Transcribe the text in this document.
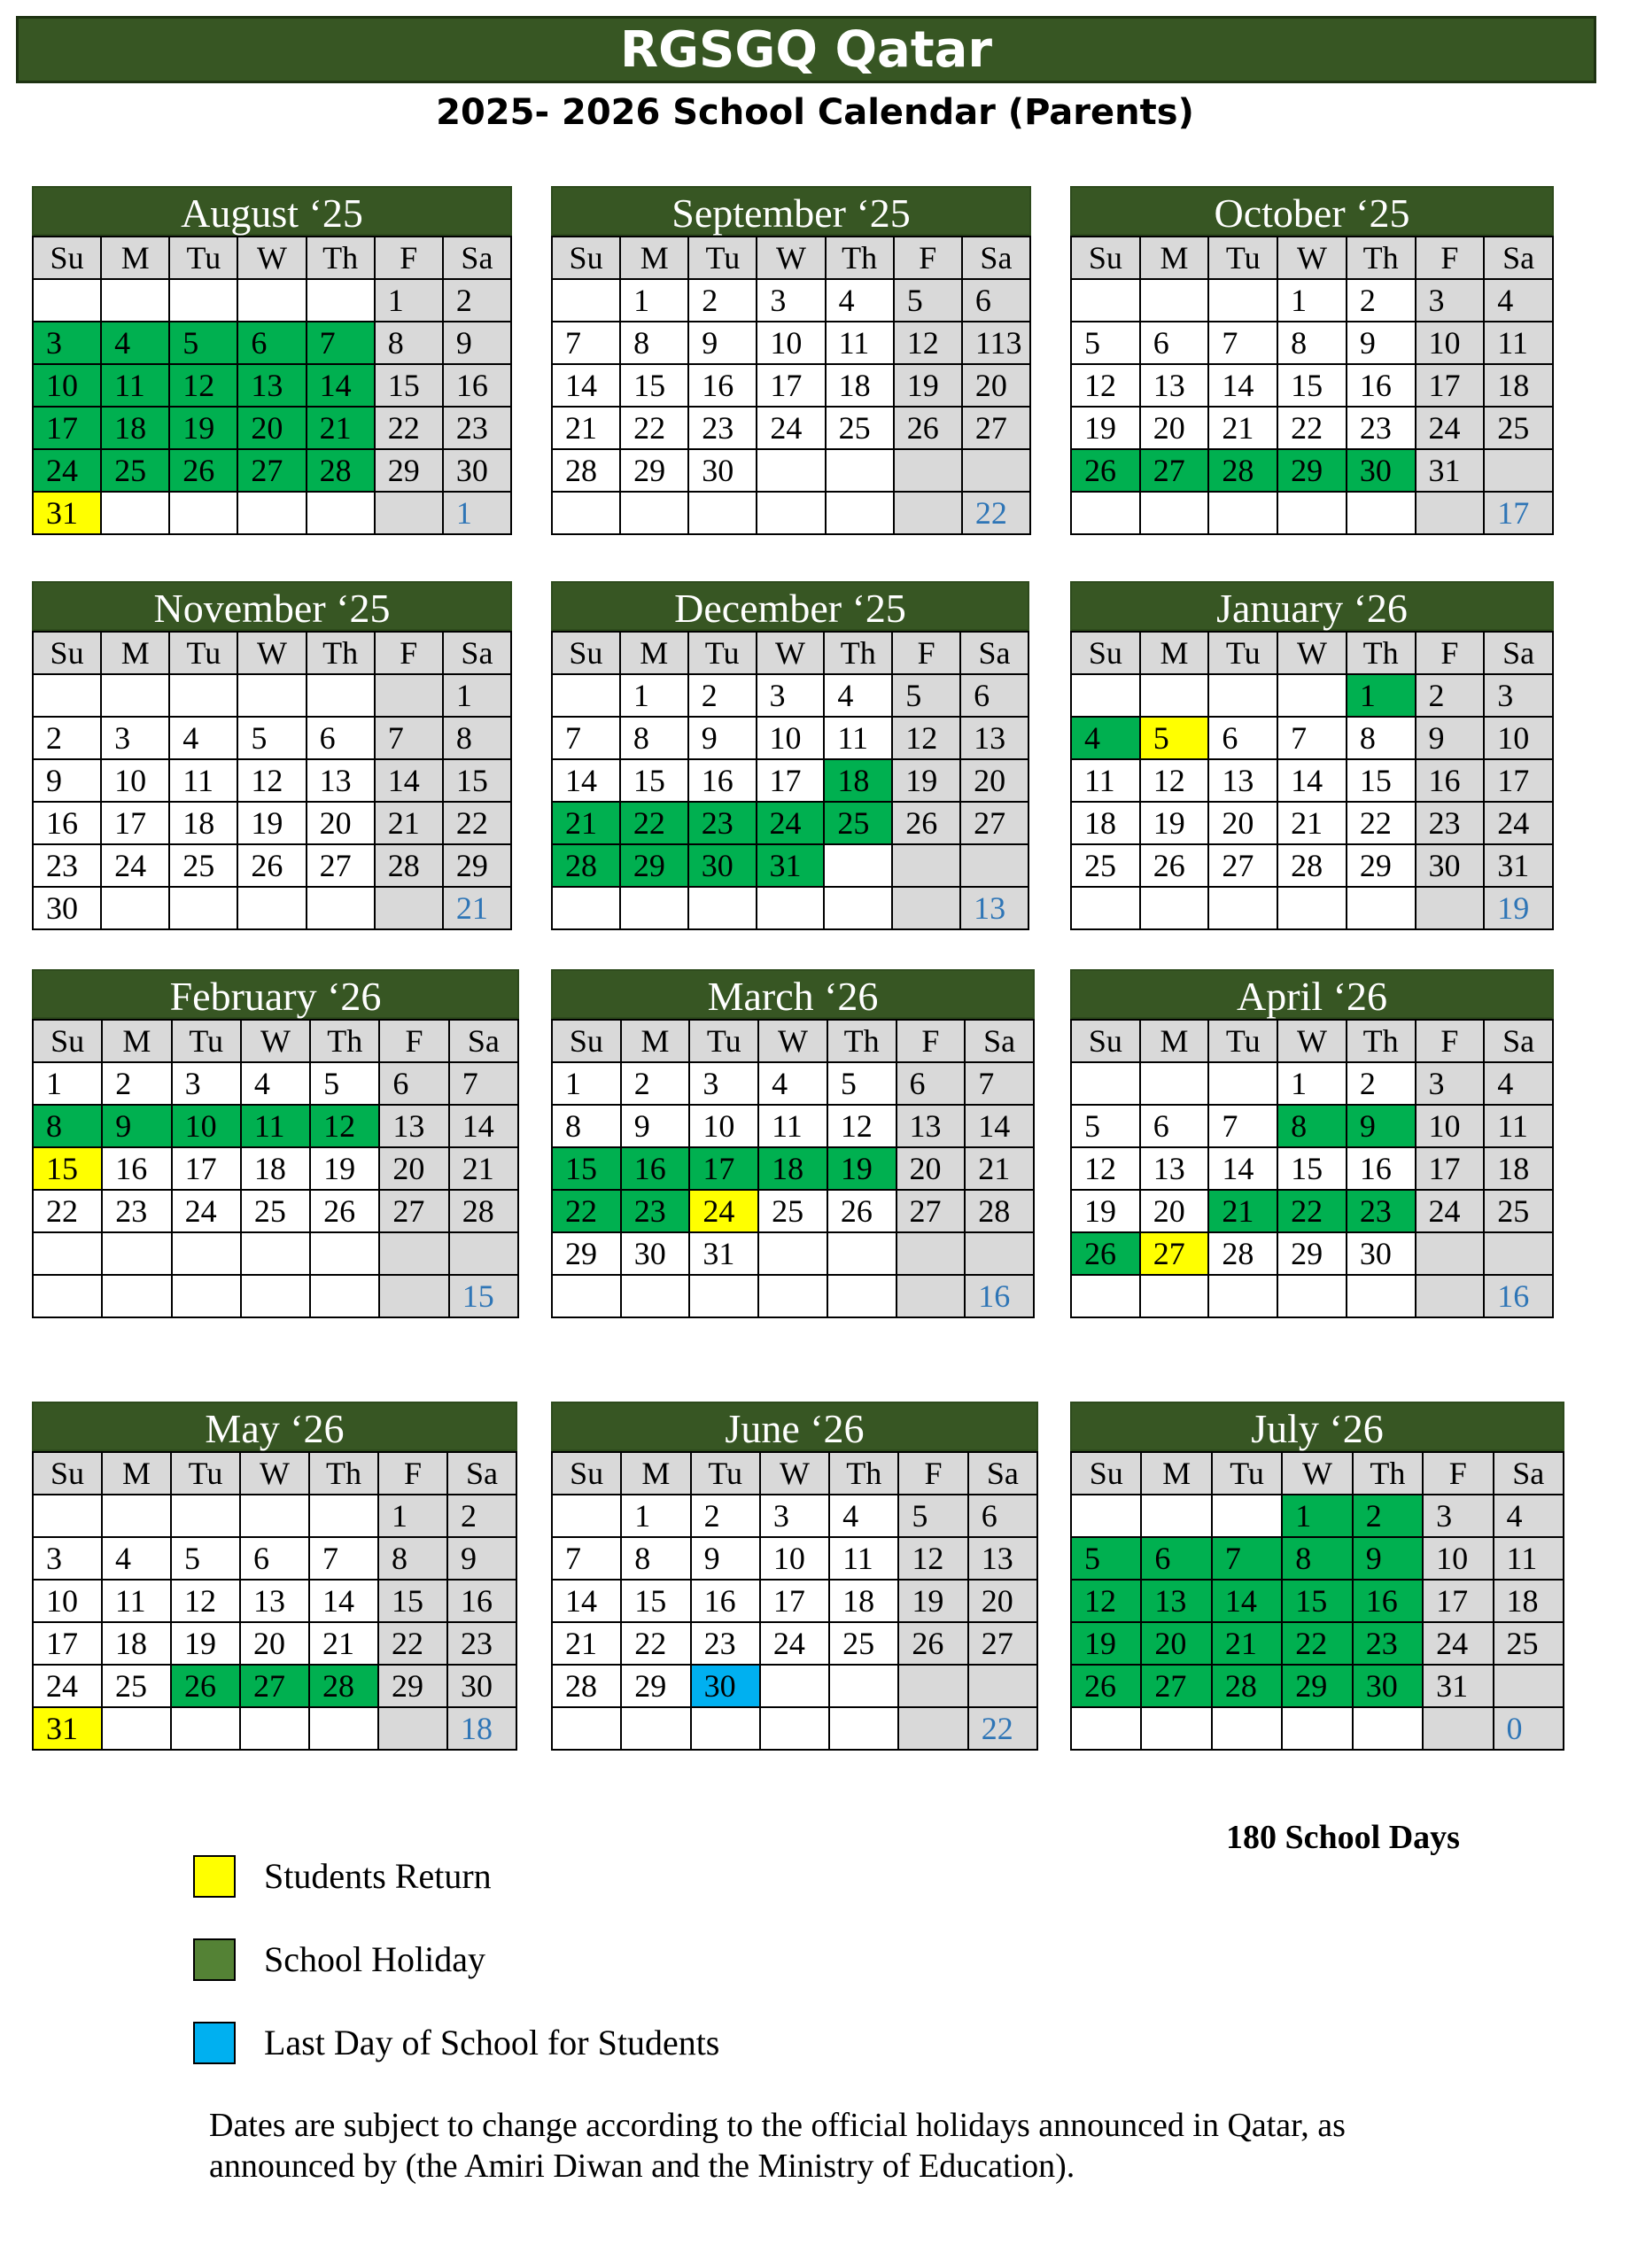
RGSGQ Qatar
2025- 2026 School Calendar (Parents)
August ‘25
Su	M	Tu	W	Th	F	Sa
					1	2
3	4	5	6	7	8	9
10	11	12	13	14	15	16
17	18	19	20	21	22	23
24	25	26	27	28	29	30
31						1
September ‘25
Su	M	Tu	W	Th	F	Sa
	1	2	3	4	5	6
7	8	9	10	11	12	113
14	15	16	17	18	19	20
21	22	23	24	25	26	27
28	29	30				
						22
October ‘25
Su	M	Tu	W	Th	F	Sa
			1	2	3	4
5	6	7	8	9	10	11
12	13	14	15	16	17	18
19	20	21	22	23	24	25
26	27	28	29	30	31	
						17
November ‘25
Su	M	Tu	W	Th	F	Sa
						1
2	3	4	5	6	7	8
9	10	11	12	13	14	15
16	17	18	19	20	21	22
23	24	25	26	27	28	29
30						21
December ‘25
Su	M	Tu	W	Th	F	Sa
	1	2	3	4	5	6
7	8	9	10	11	12	13
14	15	16	17	18	19	20
21	22	23	24	25	26	27
28	29	30	31			
						13
January ‘26
Su	M	Tu	W	Th	F	Sa
				1	2	3
4	5	6	7	8	9	10
11	12	13	14	15	16	17
18	19	20	21	22	23	24
25	26	27	28	29	30	31
						19
February ‘26
Su	M	Tu	W	Th	F	Sa
1	2	3	4	5	6	7
8	9	10	11	12	13	14
15	16	17	18	19	20	21
22	23	24	25	26	27	28

						15
March ‘26
Su	M	Tu	W	Th	F	Sa
1	2	3	4	5	6	7
8	9	10	11	12	13	14
15	16	17	18	19	20	21
22	23	24	25	26	27	28
29	30	31				
						16
April ‘26
Su	M	Tu	W	Th	F	Sa
			1	2	3	4
5	6	7	8	9	10	11
12	13	14	15	16	17	18
19	20	21	22	23	24	25
26	27	28	29	30		
						16
May ‘26
Su	M	Tu	W	Th	F	Sa
					1	2
3	4	5	6	7	8	9
10	11	12	13	14	15	16
17	18	19	20	21	22	23
24	25	26	27	28	29	30
31						18
June ‘26
Su	M	Tu	W	Th	F	Sa
	1	2	3	4	5	6
7	8	9	10	11	12	13
14	15	16	17	18	19	20
21	22	23	24	25	26	27
28	29	30				
						22
July ‘26
Su	M	Tu	W	Th	F	Sa
			1	2	3	4
5	6	7	8	9	10	11
12	13	14	15	16	17	18
19	20	21	22	23	24	25
26	27	28	29	30	31	
						0
180 School Days
Students Return
School Holiday
Last Day of School for Students
Dates are subject to change according to the official holidays announced in Qatar, as announced by (the Amiri Diwan and the Ministry of Education).
